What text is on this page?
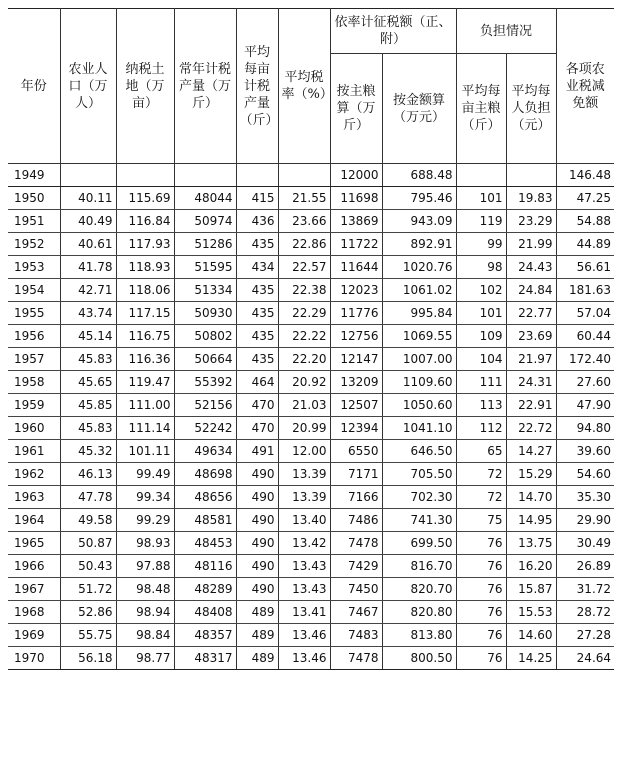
年份	农业人口（万人）	纳税土地（万亩）	常年计税产量（万斤）	平均每亩计税产量（斤）	平均税率（%）	依率计征税额（正、附）		负担情况		各项农业税减免额
						按主粮算（万斤）	按金额算（万元）	平均每亩主粮（斤）	平均每人负担（元）	
1949						12000	688.48			146.48
1950	40.11	115.69	48044	415	21.55	11698	795.46	101	19.83	47.25
1951	40.49	116.84	50974	436	23.66	13869	943.09	119	23.29	54.88
1952	40.61	117.93	51286	435	22.86	11722	892.91	99	21.99	44.89
1953	41.78	118.93	51595	434	22.57	11644	1020.76	98	24.43	56.61
1954	42.71	118.06	51334	435	22.38	12023	1061.02	102	24.84	181.63
1955	43.74	117.15	50930	435	22.29	11776	995.84	101	22.77	57.04
1956	45.14	116.75	50802	435	22.22	12756	1069.55	109	23.69	60.44
1957	45.83	116.36	50664	435	22.20	12147	1007.00	104	21.97	172.40
1958	45.65	119.47	55392	464	20.92	13209	1109.60	111	24.31	27.60
1959	45.85	111.00	52156	470	21.03	12507	1050.60	113	22.91	47.90
1960	45.83	111.14	52242	470	20.99	12394	1041.10	112	22.72	94.80
1961	45.32	101.11	49634	491	12.00	6550	646.50	65	14.27	39.60
1962	46.13	99.49	48698	490	13.39	7171	705.50	72	15.29	54.60
1963	47.78	99.34	48656	490	13.39	7166	702.30	72	14.70	35.30
1964	49.58	99.29	48581	490	13.40	7486	741.30	75	14.95	29.90
1965	50.87	98.93	48453	490	13.42	7478	699.50	76	13.75	30.49
1966	50.43	97.88	48116	490	13.43	7429	816.70	76	16.20	26.89
1967	51.72	98.48	48289	490	13.43	7450	820.70	76	15.87	31.72
1968	52.86	98.94	48408	489	13.41	7467	820.80	76	15.53	28.72
1969	55.75	98.84	48357	489	13.46	7483	813.80	76	14.60	27.28
1970	56.18	98.77	48317	489	13.46	7478	800.50	76	14.25	24.64
